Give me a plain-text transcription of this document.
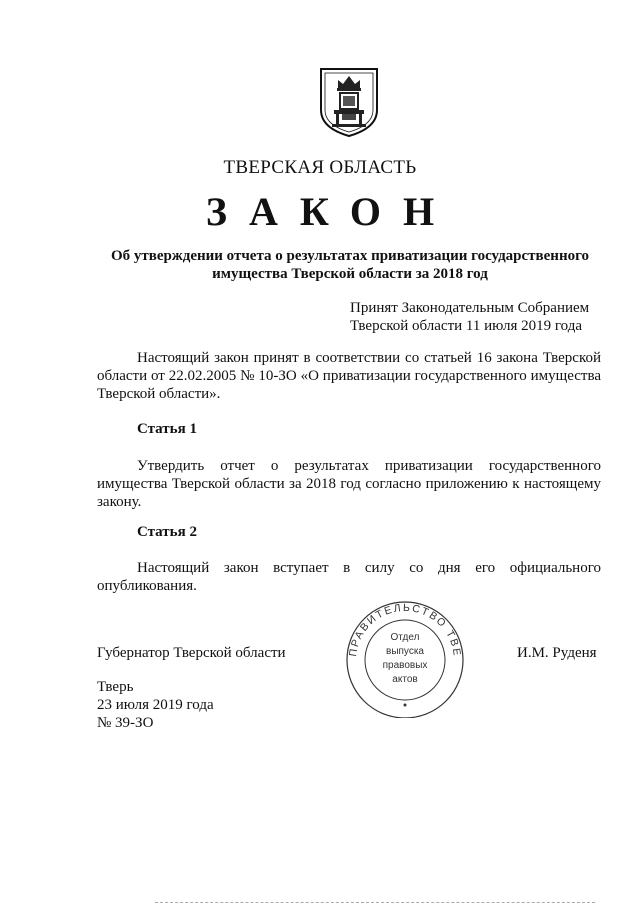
ТВЕРСКАЯ ОБЛАСТЬ
ЗАКОН
Об утверждении отчета о результатах приватизации государственного имущества Тверской области за 2018 год
Принят Законодательным Собранием
Тверской области 11 июля 2019 года
Настоящий закон принят в соответствии со статьей 16 закона Тверской области от 22.02.2005 № 10-ЗО «О приватизации государственного имущества Тверской области».
Статья 1
Утвердить отчет о результатах приватизации государственного имущества Тверской области за 2018 год согласно приложению к настоящему закону.
Статья 2
Настоящий закон вступает в силу со дня его официального опубликования.
ПРАВИТЕЛЬСТВО ТВЕ
Отдел
выпуска
правовых
актов
Губернатор Тверской области	И.М. Руденя
Тверь
23 июля 2019 года
№ 39-ЗО
